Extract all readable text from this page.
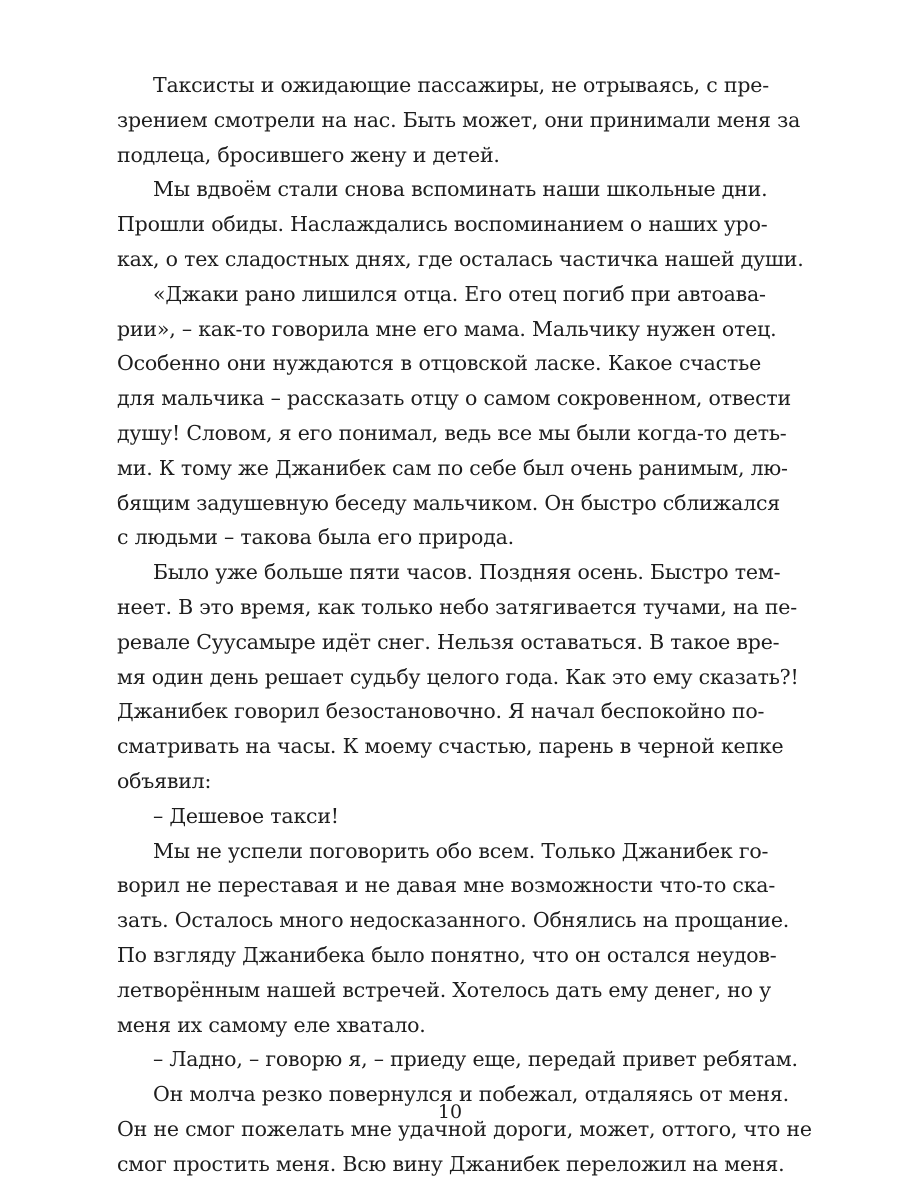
Таксисты и ожидающие пассажиры, не отрываясь, с пре-
зрением смотрели на нас. Быть может, они принимали меня за
подлеца, бросившего жену и детей.
Мы вдвоём стали снова вспоминать наши школьные дни.
Прошли обиды. Наслаждались воспоминанием о наших уро-
ках, о тех сладостных днях, где осталась частичка нашей души.
«Джаки рано лишился отца. Его отец погиб при автоава-
рии», – как-то говорила мне его мама. Мальчику нужен отец.
Особенно они нуждаются в отцовской ласке. Какое счастье
для мальчика – рассказать отцу о самом сокровенном, отвести
душу! Словом, я его понимал, ведь все мы были когда-то деть-
ми. К тому же Джанибек сам по себе был очень ранимым, лю-
бящим задушевную беседу мальчиком. Он быстро сближался
с людьми – такова была его природа.
Было уже больше пяти часов. Поздняя осень. Быстро тем-
неет. В это время, как только небо затягивается тучами, на пе-
ревале Суусамыре идёт снег. Нельзя оставаться. В такое вре-
мя один день решает судьбу целого года. Как это ему сказать?!
Джанибек говорил безостановочно. Я начал беспокойно по-
сматривать на часы. К моему счастью, парень в черной кепке
объявил:
– Дешевое такси!
Мы не успели поговорить обо всем. Только Джанибек го-
ворил не переставая и не давая мне возможности что-то ска-
зать. Осталось много недосказанного. Обнялись на прощание.
По взгляду Джанибека было понятно, что он остался неудов-
летворённым нашей встречей. Хотелось дать ему денег, но у
меня их самому еле хватало.
– Ладно, – говорю я, – приеду еще, передай привет ребятам.
Он молча резко повернулся и побежал, отдаляясь от меня.
Он не смог пожелать мне удачной дороги, может, оттого, что не
смог простить меня. Всю вину Джанибек переложил на меня.
10
